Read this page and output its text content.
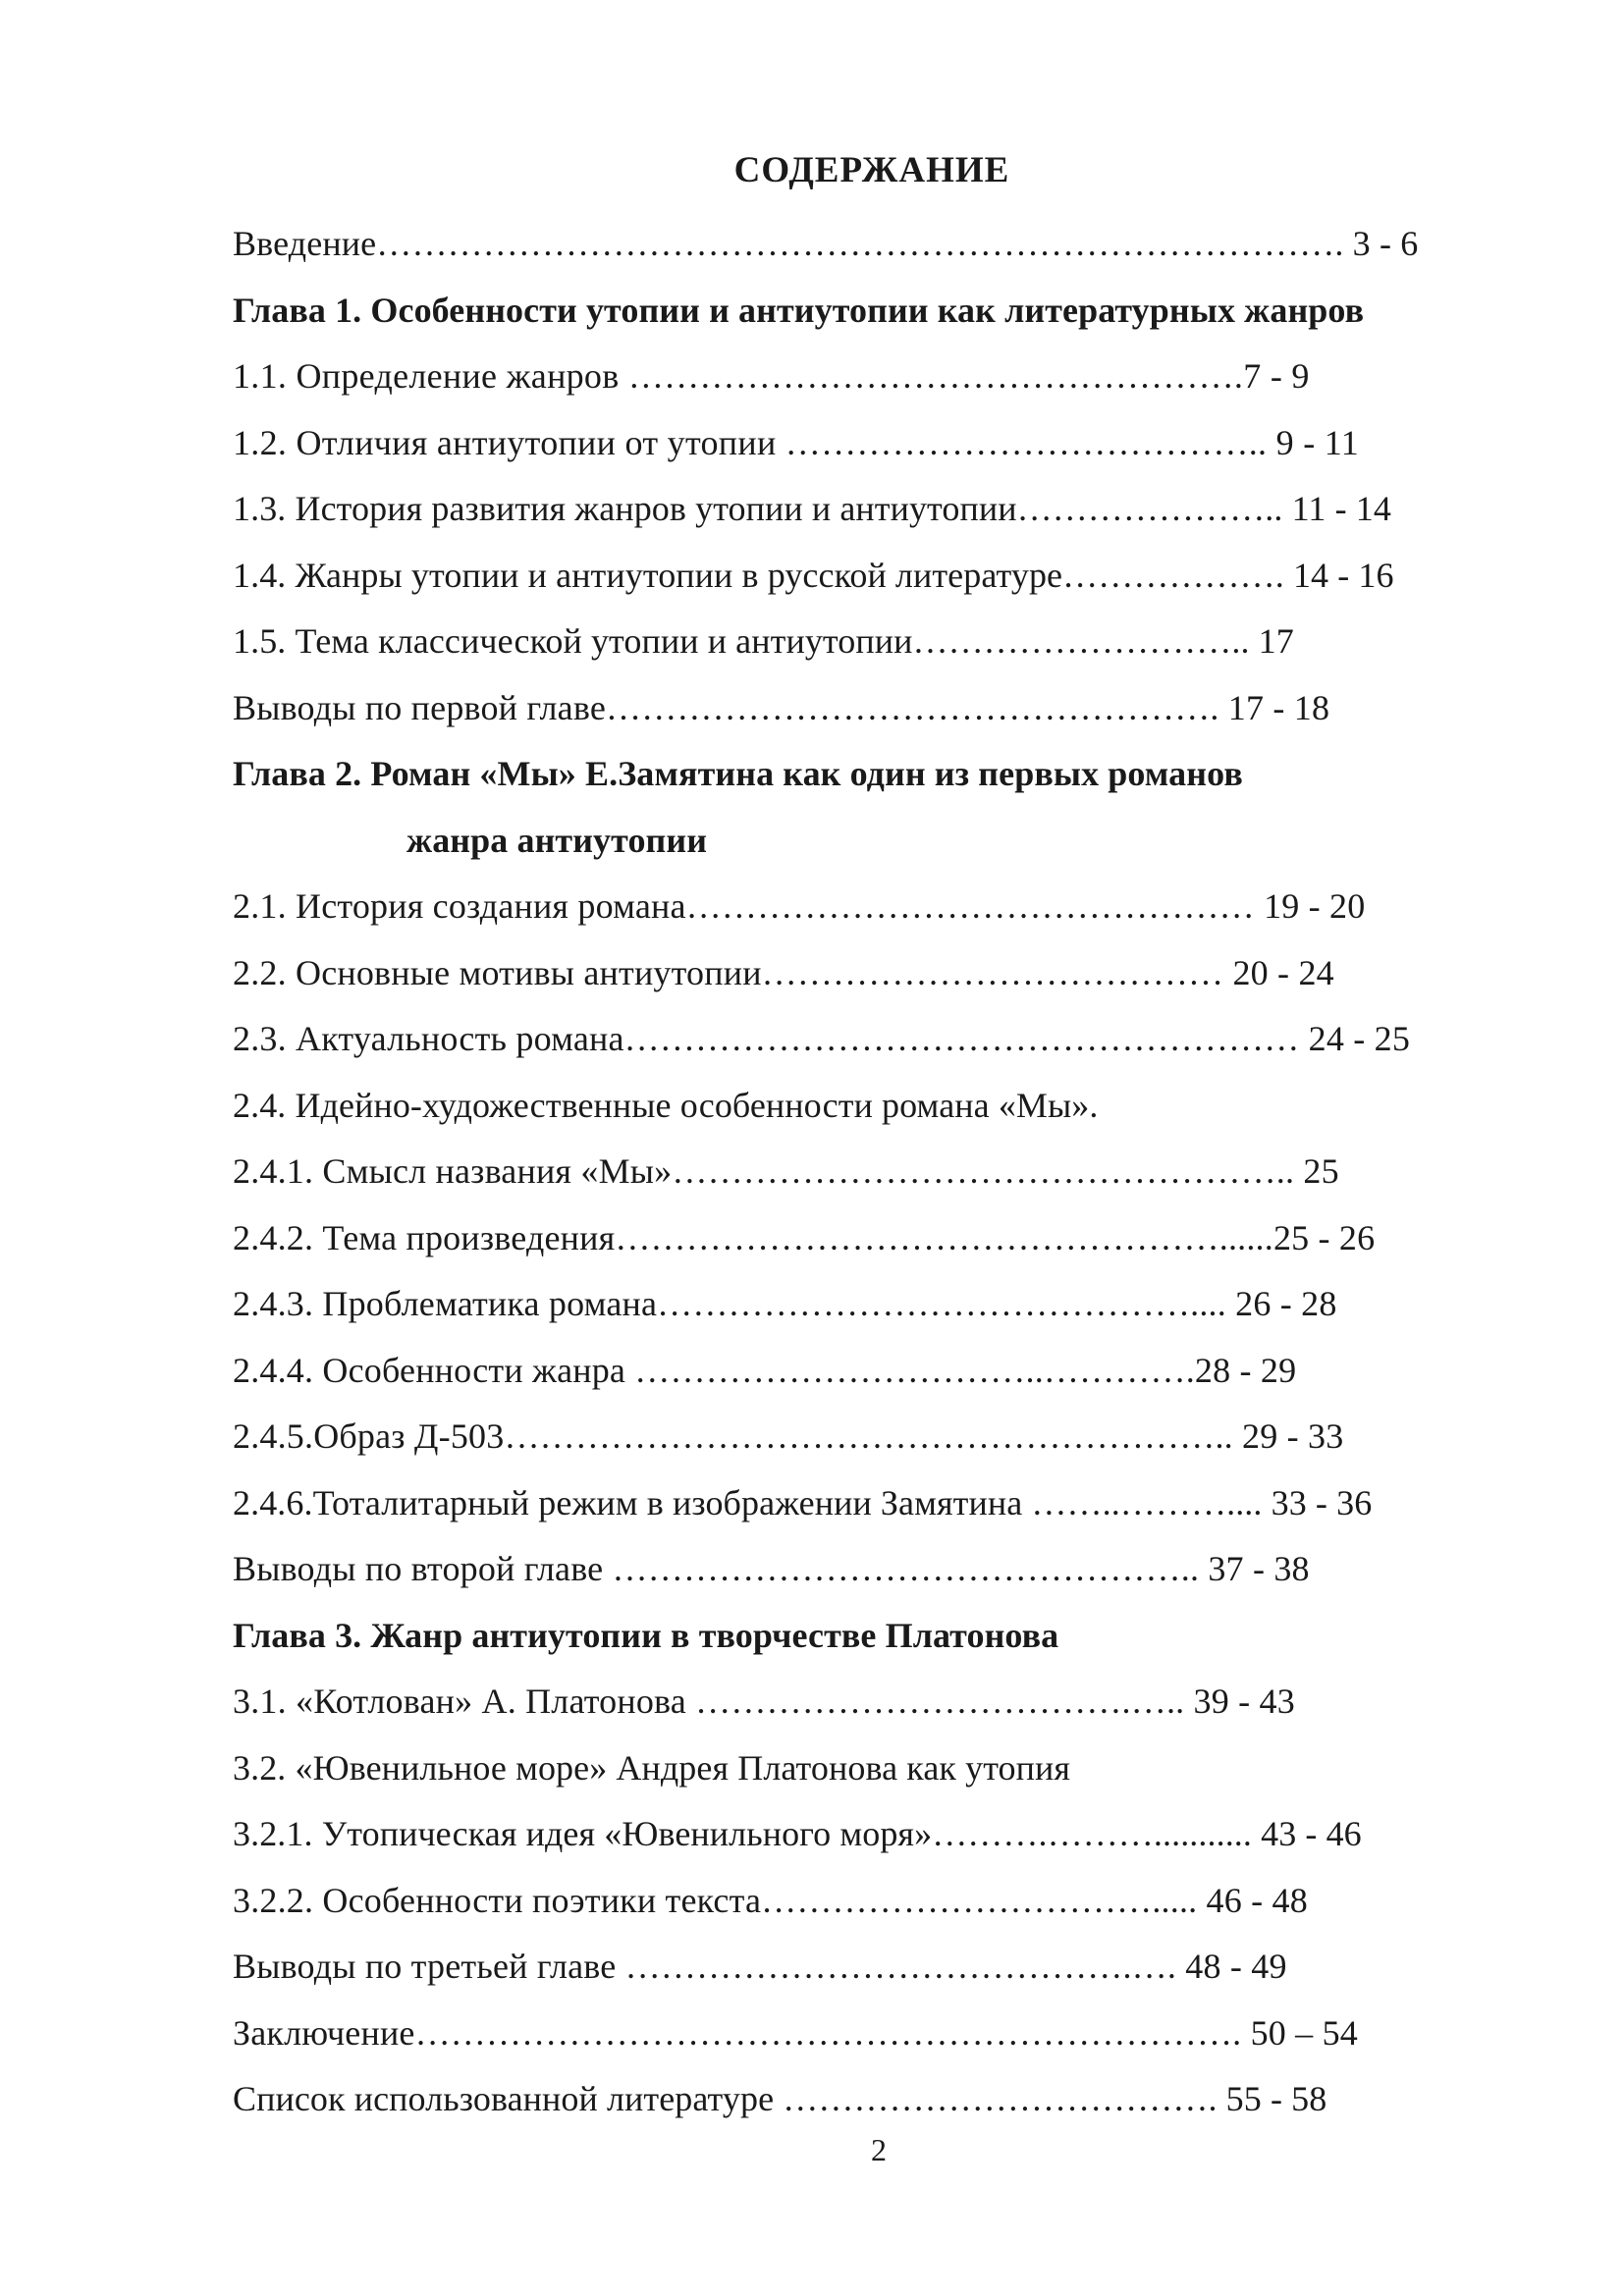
СОДЕРЖАНИЕ
Введение………………………………………………………………………. 3 - 6
Глава 1. Особенности утопии и антиутопии как литературных жанров
1.1. Определение жанров …………………………………………….7 - 9
1.2. Отличия антиутопии от утопии ………………………………….. 9 - 11
1.3. История развития жанров утопии и антиутопии………………….. 11 - 14
1.4. Жанры утопии и антиутопии в русской литературе………………. 14 - 16
1.5. Тема классической утопии и антиутопии……………………….. 17
Выводы по первой главе……………………………………………. 17 - 18
Глава 2. Роман «Мы» Е.Замятина как один из первых романов
жанра антиутопии
2.1. История создания романа………………………………………… 19 - 20
2.2. Основные мотивы антиутопии………………………………… 20 - 24
2.3. Актуальность романа………………………………………………… 24 - 25
2.4. Идейно-художественные особенности романа «Мы».
2.4.1. Смысл названия «Мы»…………………………………………….. 25
2.4.2. Тема произведения……………………………………………......25 - 26
2.4.3. Проблематика романа……………………………………….... 26 - 28
2.4.4. Особенности жанра ……………………………..………….28 - 29
2.4.5.Образ Д-503…………………………………………………….. 29 - 33
2.4.6.Тоталитарный режим в изображении Замятина ……..……….... 33 - 36
Выводы по второй главе ………………………………………….. 37 - 38
Глава 3. Жанр антиутопии в творчестве Платонова
3.1. «Котлован» А. Платонова ……………………………….….. 39 - 43
3.2. «Ювенильное море» Андрея Платонова как утопия
3.2.1. Утопическая идея «Ювенильного моря»……….………........... 43 - 46
3.2.2. Особенности поэтики текста……………………………..... 46 - 48
Выводы по третьей главе …………………………………….…. 48 - 49
Заключение……………………………………………………………. 50 – 54
Список использованной литературе ………………………………. 55 - 58
2
